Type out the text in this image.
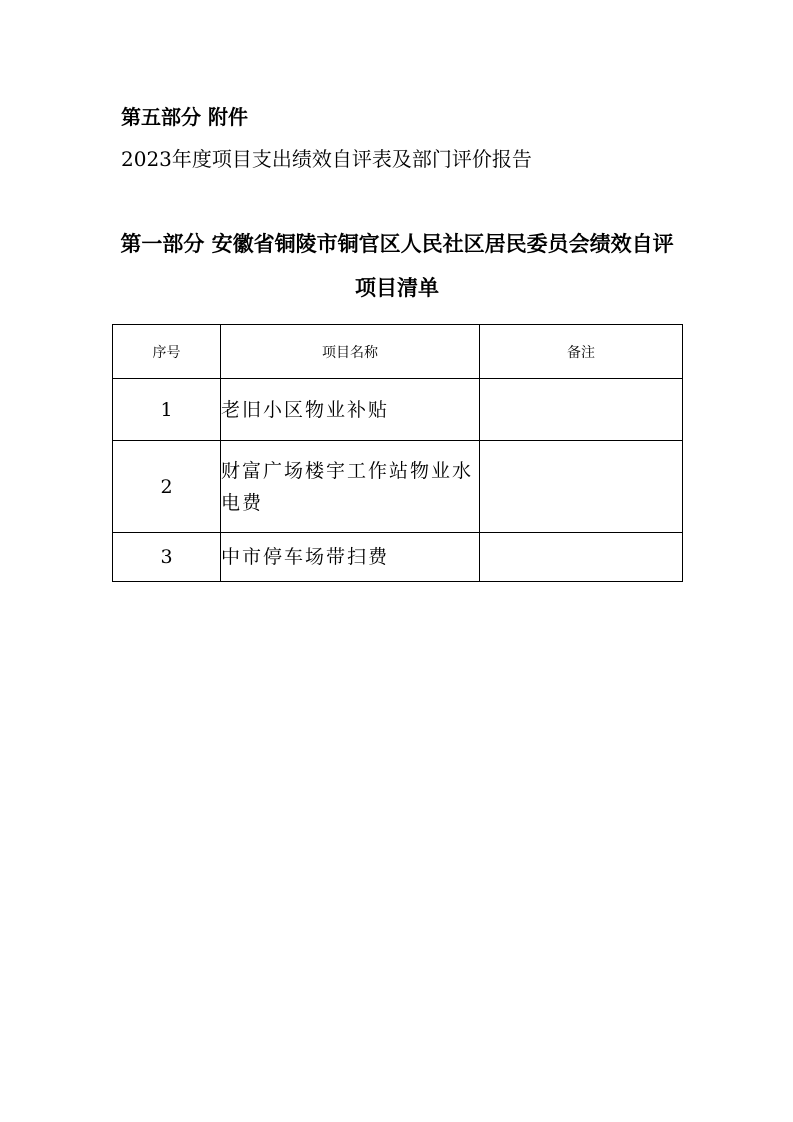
第五部分 附件
2023年度项目支出绩效自评表及部门评价报告
第一部分 安徽省铜陵市铜官区人民社区居民委员会绩效自评项目清单
序号	项目名称	备注
1	老旧小区物业补贴	
2	财富广场楼宇工作站物业水电费	
3	中市停车场带扫费	
